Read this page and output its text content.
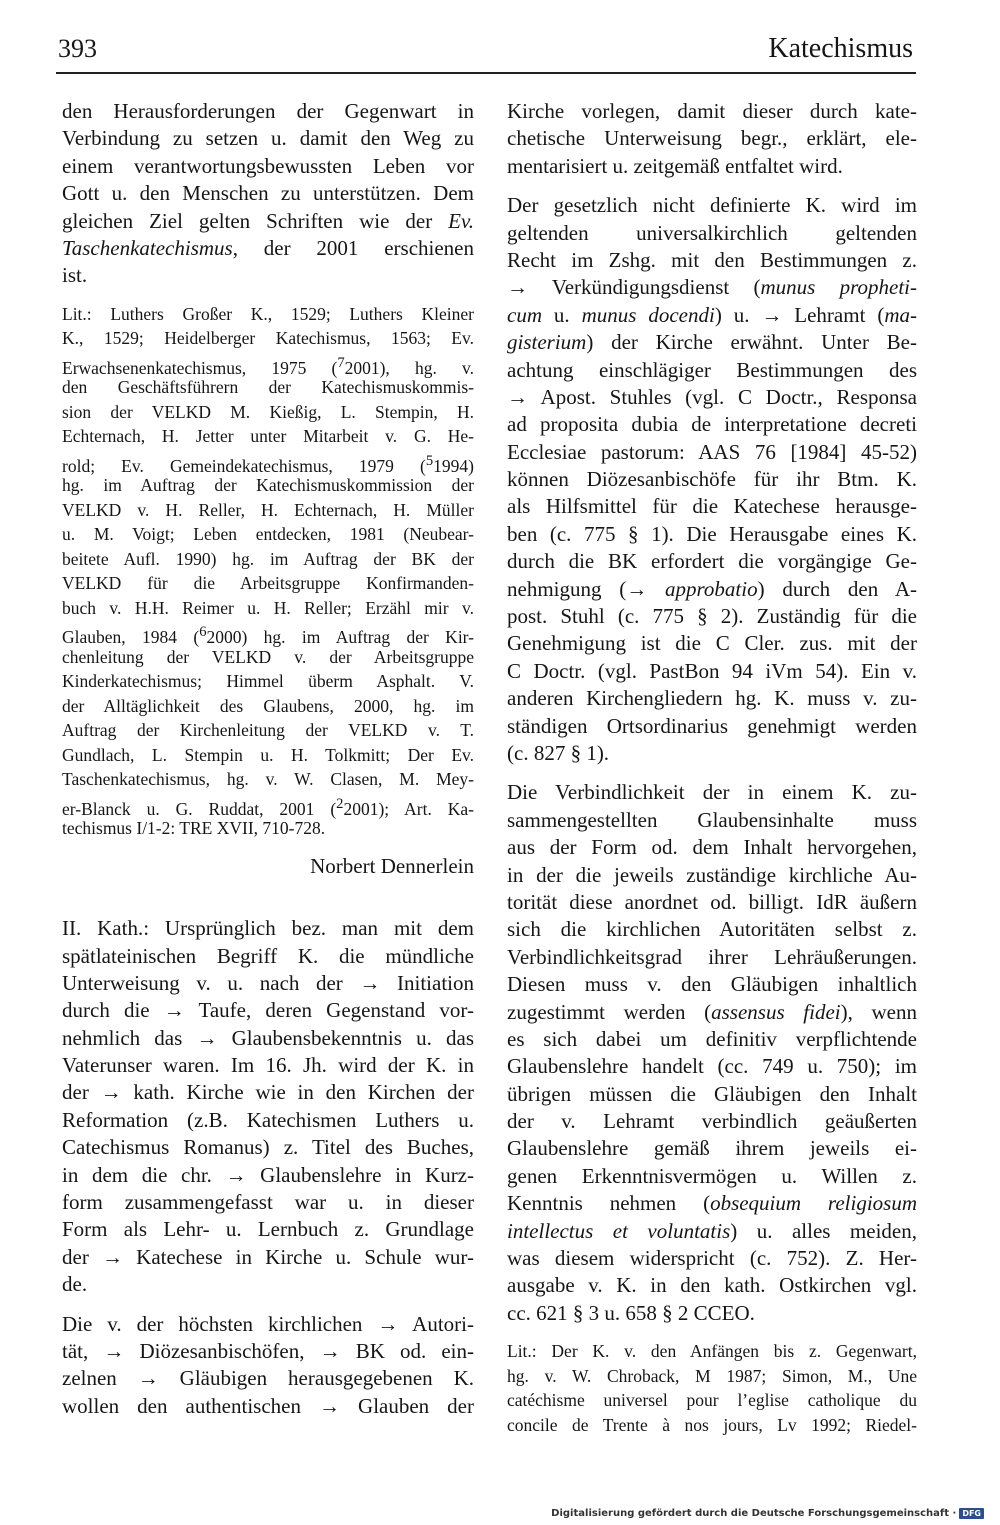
393	Katechismus
den Herausforderungen der Gegenwart in
Verbindung zu setzen u. damit den Weg zu
einem verantwortungsbewussten Leben vor
Gott u. den Menschen zu unterstützen. Dem
gleichen Ziel gelten Schriften wie der Ev.
Taschenkatechismus, der 2001 erschienen
ist.
Lit.: Luthers Großer K., 1529; Luthers Kleiner
K., 1529; Heidelberger Katechismus, 1563; Ev.
Erwachsenenkatechismus, 1975 ($^7$2001), hg. v.
den Geschäftsführern der Katechismuskommis-
sion der VELKD M. Kießig, L. Stempin, H.
Echternach, H. Jetter unter Mitarbeit v. G. He-
rold; Ev. Gemeindekatechismus, 1979 ($^5$1994)
hg. im Auftrag der Katechismuskommission der
VELKD v. H. Reller, H. Echternach, H. Müller
u. M. Voigt; Leben entdecken, 1981 (Neubear-
beitete Aufl. 1990) hg. im Auftrag der BK der
VELKD für die Arbeitsgruppe Konfirmanden-
buch v. H.H. Reimer u. H. Reller; Erzähl mir v.
Glauben, 1984 ($^6$2000) hg. im Auftrag der Kir-
chenleitung der VELKD v. der Arbeitsgruppe
Kinderkatechismus; Himmel überm Asphalt. V.
der Alltäglichkeit des Glaubens, 2000, hg. im
Auftrag der Kirchenleitung der VELKD v. T.
Gundlach, L. Stempin u. H. Tolkmitt; Der Ev.
Taschenkatechismus, hg. v. W. Clasen, M. Mey-
er-Blanck u. G. Ruddat, 2001 ($^2$2001); Art. Ka-
techismus I/1-2: TRE XVII, 710-728.
Norbert Dennerlein
II. Kath.: Ursprünglich bez. man mit dem
spätlateinischen Begriff K. die mündliche
Unterweisung v. u. nach der → Initiation
durch die → Taufe, deren Gegenstand vor-
nehmlich das → Glaubensbekenntnis u. das
Vaterunser waren. Im 16. Jh. wird der K. in
der → kath. Kirche wie in den Kirchen der
Reformation (z.B. Katechismen Luthers u.
Catechismus Romanus) z. Titel des Buches,
in dem die chr. → Glaubenslehre in Kurz-
form zusammengefasst war u. in dieser
Form als Lehr- u. Lernbuch z. Grundlage
der → Katechese in Kirche u. Schule wur-
de.
Die v. der höchsten kirchlichen → Autori-
tät, → Diözesanbischöfen, → BK od. ein-
zelnen → Gläubigen herausgegebenen K.
wollen den authentischen → Glauben der
Kirche vorlegen, damit dieser durch kate-
chetische Unterweisung begr., erklärt, ele-
mentarisiert u. zeitgemäß entfaltet wird.
Der gesetzlich nicht definierte K. wird im
geltenden universalkirchlich geltenden
Recht im Zshg. mit den Bestimmungen z.
→ Verkündigungsdienst (munus propheti-
cum u. munus docendi) u. → Lehramt (ma-
gisterium) der Kirche erwähnt. Unter Be-
achtung einschlägiger Bestimmungen des
→ Apost. Stuhles (vgl. C Doctr., Responsa
ad proposita dubia de interpretatione decreti
Ecclesiae pastorum: AAS 76 [1984] 45-52)
können Diözesanbischöfe für ihr Btm. K.
als Hilfsmittel für die Katechese herausge-
ben (c. 775 § 1). Die Herausgabe eines K.
durch die BK erfordert die vorgängige Ge-
nehmigung (→ approbatio) durch den A-
post. Stuhl (c. 775 § 2). Zuständig für die
Genehmigung ist die C Cler. zus. mit der
C Doctr. (vgl. PastBon 94 iVm 54). Ein v.
anderen Kirchengliedern hg. K. muss v. zu-
ständigen Ortsordinarius genehmigt werden
(c. 827 § 1).
Die Verbindlichkeit der in einem K. zu-
sammengestellten Glaubensinhalte muss
aus der Form od. dem Inhalt hervorgehen,
in der die jeweils zuständige kirchliche Au-
torität diese anordnet od. billigt. IdR äußern
sich die kirchlichen Autoritäten selbst z.
Verbindlichkeitsgrad ihrer Lehräußerungen.
Diesen muss v. den Gläubigen inhaltlich
zugestimmt werden (assensus fidei), wenn
es sich dabei um definitiv verpflichtende
Glaubenslehre handelt (cc. 749 u. 750); im
übrigen müssen die Gläubigen den Inhalt
der v. Lehramt verbindlich geäußerten
Glaubenslehre gemäß ihrem jeweils ei-
genen Erkenntnisvermögen u. Willen z.
Kenntnis nehmen (obsequium religiosum
intellectus et voluntatis) u. alles meiden,
was diesem widerspricht (c. 752). Z. Her-
ausgabe v. K. in den kath. Ostkirchen vgl.
cc. 621 § 3 u. 658 § 2 CCEO.
Lit.: Der K. v. den Anfängen bis z. Gegenwart,
hg. v. W. Chroback, M 1987; Simon, M., Une
catéchisme universel pour l’eglise catholique du
concile de Trente à nos jours, Lv 1992; Riedel-
Digitalisierung gefördert durch die Deutsche Forschungsgemeinschaft · DFG
